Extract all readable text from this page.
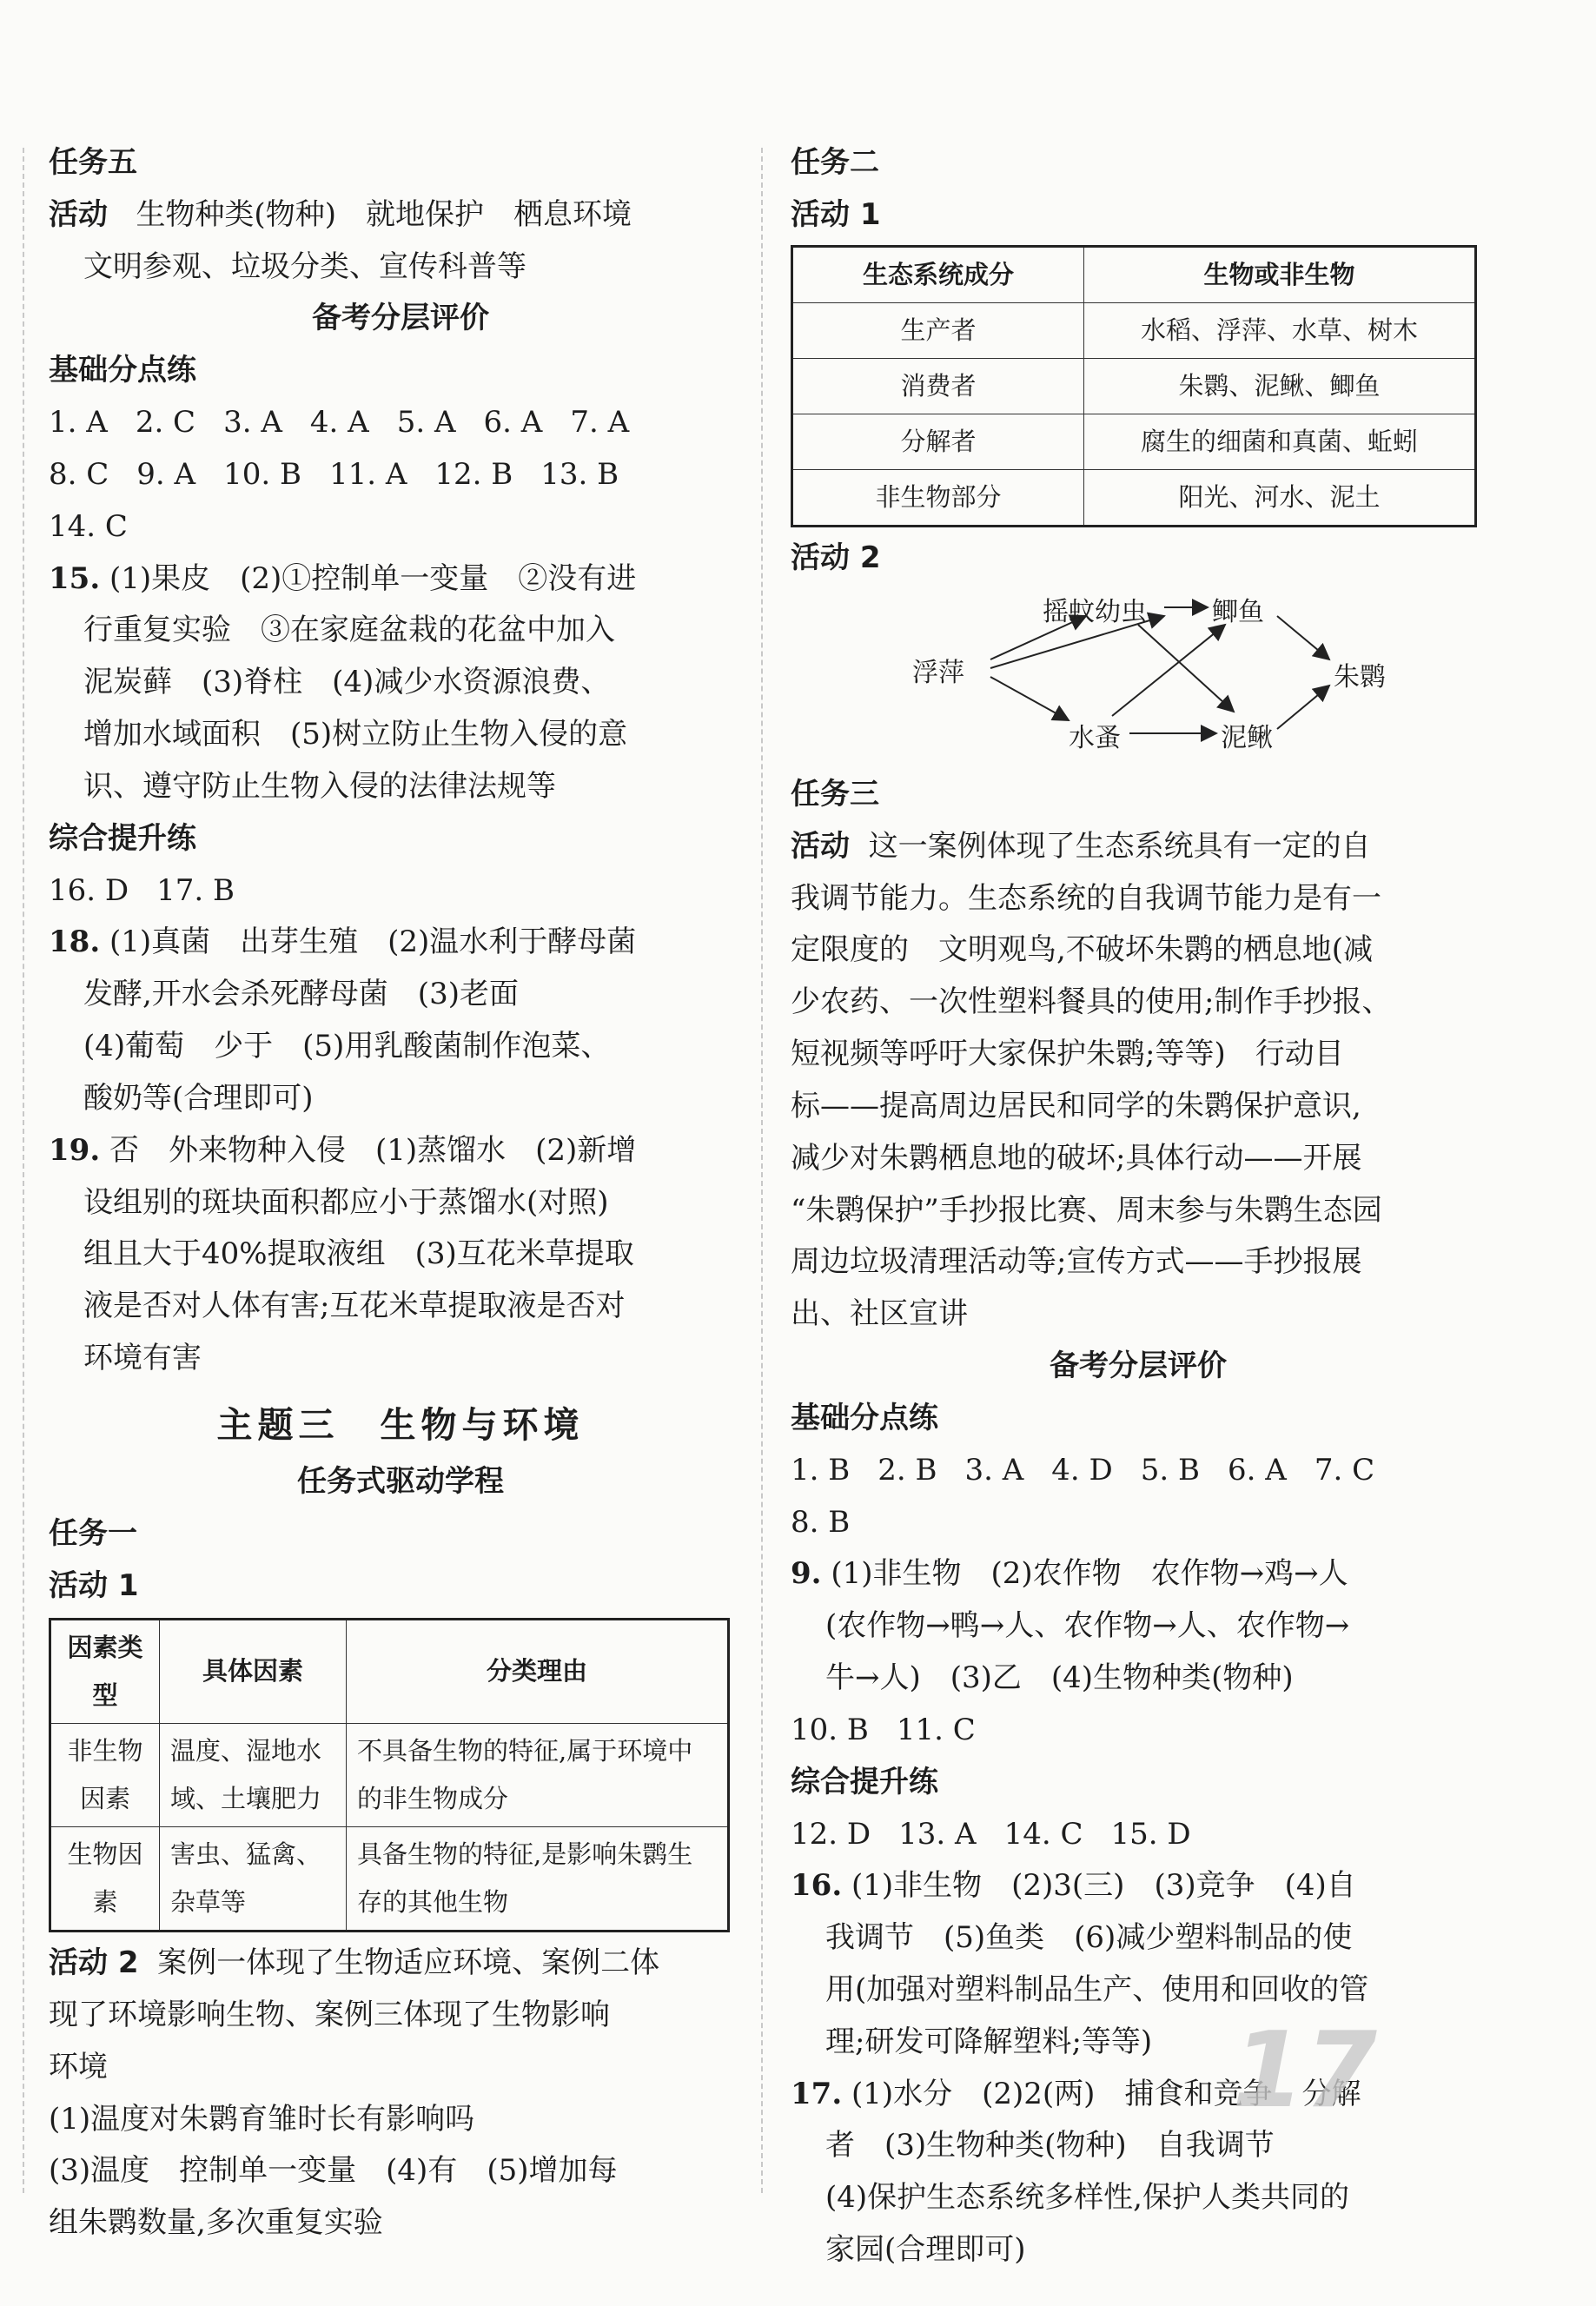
任务五
活动 生物种类(物种)　就地保护　栖息环境
文明参观、垃圾分类、宣传科普等
备考分层评价
基础分点练
1. A 2. C 3. A 4. A 5. A 6. A 7. A
8. C 9. A 10. B 11. A 12. B 13. B14. C
15. (1)果皮　(2)①控制单一变量　②没有进
行重复实验　③在家庭盆栽的花盆中加入
泥炭藓　(3)脊柱　(4)减少水资源浪费、
增加水域面积　(5)树立防止生物入侵的意
识、遵守防止生物入侵的法律法规等
综合提升练
16. D 17. B
18. (1)真菌　出芽生殖　(2)温水利于酵母菌
发酵,开水会杀死酵母菌　(3)老面
(4)葡萄　少于　(5)用乳酸菌制作泡菜、
酸奶等(合理即可)
19. 否　外来物种入侵　(1)蒸馏水　(2)新增
设组别的斑块面积都应小于蒸馏水(对照)
组且大于40%提取液组　(3)互花米草提取
液是否对人体有害;互花米草提取液是否对
环境有害
主题三　生物与环境
任务式驱动学程
任务一
活动 1
因素类型	具体因素	分类理由
非生物因素	温度、湿地水域、土壤肥力	不具备生物的特征,属于环境中的非生物成分
生物因素	害虫、猛禽、杂草等	具备生物的特征,是影响朱鹮生存的其他生物
活动 2 案例一体现了生物适应环境、案例二体
现了环境影响生物、案例三体现了生物影响
环境
(1)温度对朱鹮育雏时长有影响吗
(3)温度　控制单一变量　(4)有　(5)增加每
组朱鹮数量,多次重复实验
任务二
活动 1
生态系统成分	生物或非生物
生产者	水稻、浮萍、水草、树木
消费者	朱鹮、泥鳅、鲫鱼
分解者	腐生的细菌和真菌、蚯蚓
非生物部分	阳光、河水、泥土
活动 2
浮萍
摇蚊幼虫	鲫鱼
水蚤	泥鳅
朱鹮
任务三
活动 这一案例体现了生态系统具有一定的自
我调节能力。生态系统的自我调节能力是有一
定限度的　文明观鸟,不破坏朱鹮的栖息地(减
少农药、一次性塑料餐具的使用;制作手抄报、
短视频等呼吁大家保护朱鹮;等等)　行动目
标——提高周边居民和同学的朱鹮保护意识,
减少对朱鹮栖息地的破坏;具体行动——开展
“朱鹮保护”手抄报比赛、周末参与朱鹮生态园
周边垃圾清理活动等;宣传方式——手抄报展
出、社区宣讲
备考分层评价
基础分点练
1. B 2. B 3. A 4. D 5. B 6. A 7. C
8. B
9. (1)非生物　(2)农作物　农作物→鸡→人
(农作物→鸭→人、农作物→人、农作物→
牛→人)　(3)乙　(4)生物种类(物种)
10. B 11. C
综合提升练
12. D 13. A 14. C 15. D
16. (1)非生物　(2)3(三)　(3)竞争　(4)自
我调节　(5)鱼类　(6)减少塑料制品的使
用(加强对塑料制品生产、使用和回收的管
理;研发可降解塑料;等等)
17. (1)水分　(2)2(两)　捕食和竞争　分解
者　(3)生物种类(物种)　自我调节
(4)保护生态系统多样性,保护人类共同的
家园(合理即可)
17
